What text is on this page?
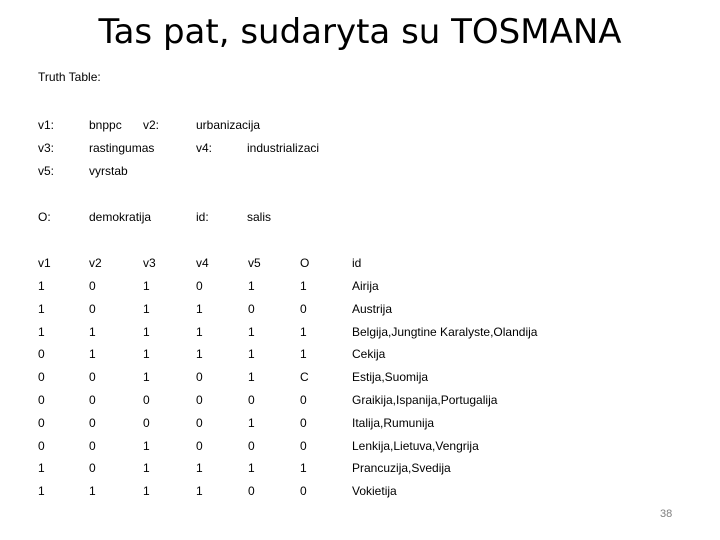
Tas pat, sudaryta su TOSMANA
Truth Table:
v1:	bnppc v2:	urbanizacija
v3:	rastingumas	v4:	industrializaci
v5:	vyrstab
O:	demokratija	id:	salis
v1	v2	v3	v4	v5	O	id
1	0	1	0	1	1	Airija
1	0	1	1	0	0	Austrija
1	1	1	1	1	1	Belgija,Jungtine Karalyste,Olandija
0	1	1	1	1	1	Cekija
0	0	1	0	1	C	Estija,Suomija
0	0	0	0	0	0	Graikija,Ispanija,Portugalija
0	0	0	0	1	0	Italija,Rumunija
0	0	1	0	0	0	Lenkija,Lietuva,Vengrija
1	0	1	1	1	1	Prancuzija,Svedija
1	1	1	1	0	0	Vokietija
38
